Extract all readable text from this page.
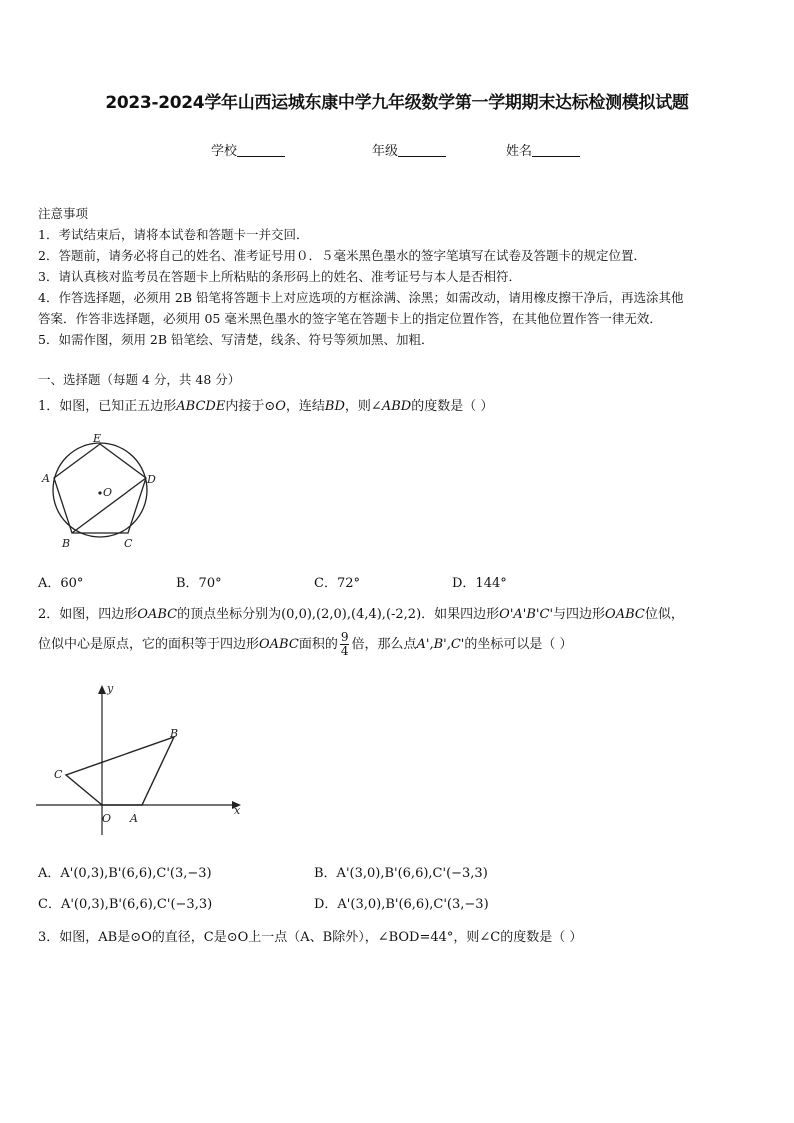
2023-2024学年山西运城东康中学九年级数学第一学期期末达标检测模拟试题
学校	年级	姓名
注意事项
1．考试结束后，请将本试卷和答题卡一并交回．
2．答题前，请务必将自己的姓名、准考证号用０．５毫米黑色墨水的签字笔填写在试卷及答题卡的规定位置．
3．请认真核对监考员在答题卡上所粘贴的条形码上的姓名、准考证号与本人是否相符．
4．作答选择题，必须用 2B 铅笔将答题卡上对应选项的方框涂满、涂黑；如需改动，请用橡皮擦干净后，再选涂其他
答案．作答非选择题，必须用 05 毫米黑色墨水的签字笔在答题卡上的指定位置作答，在其他位置作答一律无效．
5．如需作图，须用 2B 铅笔绘、写清楚，线条、符号等须加黑、加粗．
一、选择题（每题 4 分，共 48 分）
1．如图，已知正五边形ABCDE内接于⊙O，连结BD，则∠ABD的度数是（ ）
E
A	D
O
B	C
A．60°	B．70°	C．72°	D．144°
2．如图，四边形OABC的顶点坐标分别为(0,0),(2,0),(4,4),(-2,2)．如果四边形O'A'B'C'与四边形OABC位似，
位似中心是原点，它的面积等于四边形OABC面积的 $\frac{9}{4}$ 倍，那么点A',B',C'的坐标可以是（ ）
y
x
B
C
O A
A．A'(0,3),B'(6,6),C'(3,−3)	B．A'(3,0),B'(6,6),C'(−3,3)
C．A'(0,3),B'(6,6),C'(−3,3)	D．A'(3,0),B'(6,6),C'(3,−3)
3．如图，AB是⊙O的直径，C是⊙O上一点（A、B除外），∠BOD=44°，则∠C的度数是（ ）
